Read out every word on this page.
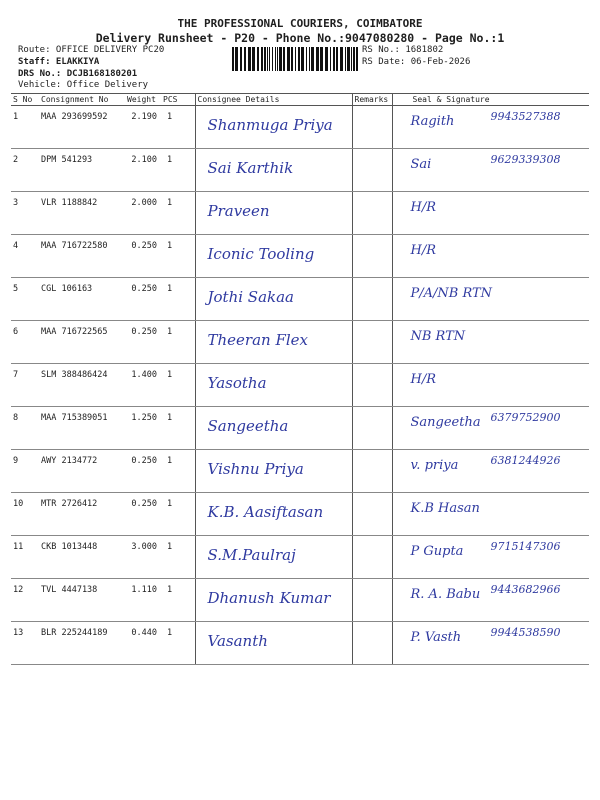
THE PROFESSIONAL COURIERS, COIMBATORE
Delivery Runsheet - P20 - Phone No.:9047080280 - Page No.:1
Route: OFFICE DELIVERY PC20
Staff: ELAKKIYA
DRS No.: DCJB168180201
Vehicle: Office Delivery
RS No.: 1681802
RS Date: 06-Feb-2026
S No	Consignment No	Weight	PCS	Consignee Details	Remarks	Seal & Signature
1	MAA 293699592	2.190	1	Shanmuga Priya		Ragith 9943527388

2	DPM 541293	2.100	1	Sai Karthik		Sai 9629339308

3	VLR 1188842	2.000	1	Praveen		H/R

4	MAA 716722580	0.250	1	Iconic Tooling		H/R

5	CGL 106163	0.250	1	Jothi Sakaa		P/A/NB RTN

6	MAA 716722565	0.250	1	Theeran Flex		NB RTN

7	SLM 388486424	1.400	1	Yasotha		H/R

8	MAA 715389051	1.250	1	Sangeetha		Sangeetha 6379752900

9	AWY 2134772	0.250	1	Vishnu Priya		v. priya 6381244926

10	MTR 2726412	0.250	1	K.B. Aasiftasan		K.B Hasan

11	CKB 1013448	3.000	1	S.M.Paulraj		P Gupta 9715147306

12	TVL 4447138	1.110	1	Dhanush Kumar		R. A. Babu 9443682966

13	BLR 225244189	0.440	1	Vasanth		P. Vasth 9944538590
